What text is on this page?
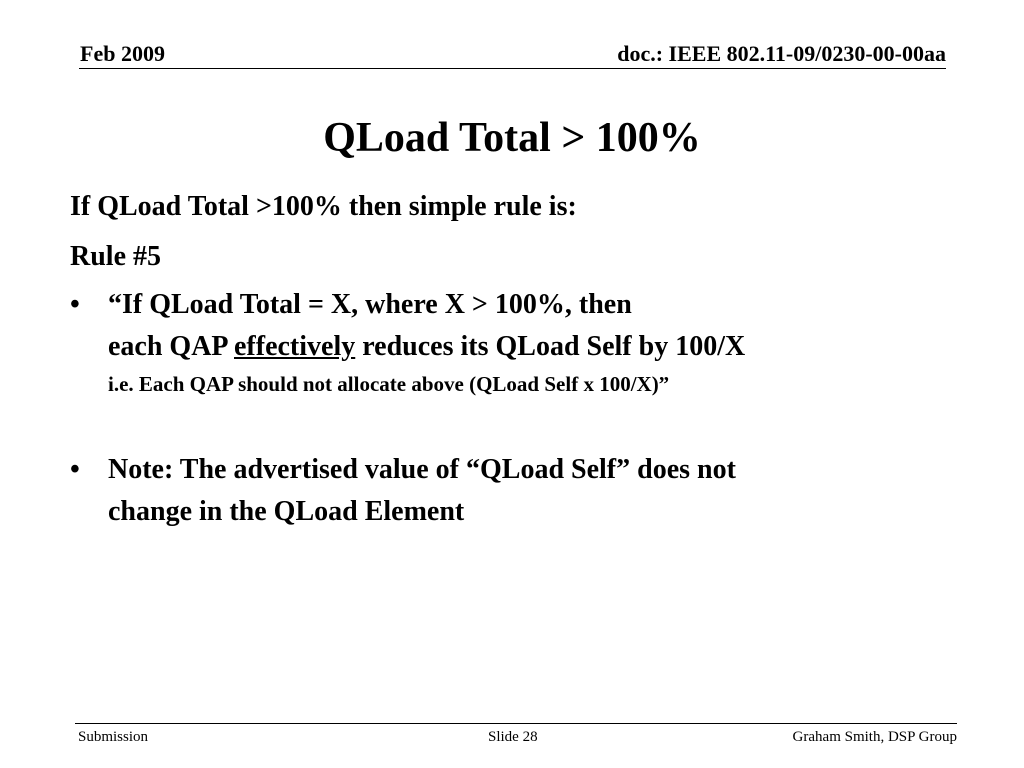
Feb 2009	doc.: IEEE 802.11-09/0230-00-00aa
QLoad Total > 100%
If QLoad Total >100% then simple rule is:
Rule #5
• “If QLoad Total = X, where X > 100%, then
each QAP effectively reduces its QLoad Self by 100/X
i.e. Each QAP should not allocate above (QLoad Self x 100/X)”
• Note: The advertised value of “QLoad Self” does not
change in the QLoad Element
Submission	Slide 28	Graham Smith, DSP Group
